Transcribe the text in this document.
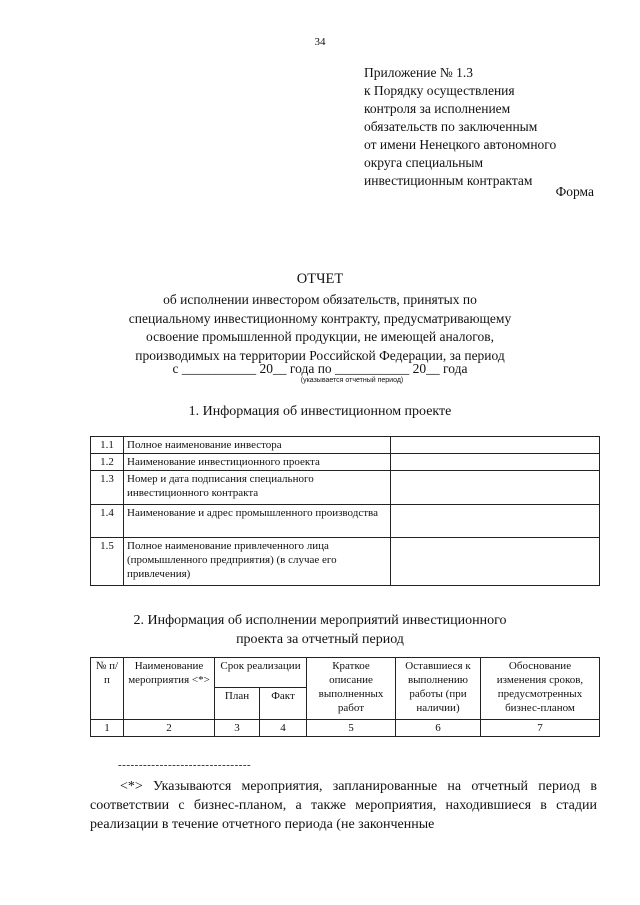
34
Приложение № 1.3
к Порядку осуществления
контроля за исполнением
обязательств по заключенным
от имени Ненецкого автономного
округа специальным
инвестиционным контрактам
Форма
ОТЧЕТ
об исполнении инвестором обязательств, принятых по
специальному инвестиционному контракту, предусматривающему
освоение промышленной продукции, не имеющей аналогов,
производимых на территории Российской Федерации, за период
с ___________ 20__ года по ___________ 20__ года
(указывается отчетный период)
1. Информация об инвестиционном проекте
1.1	Полное наименование инвестора	
1.2	Наименование инвестиционного проекта	
1.3	Номер и дата подписания специального инвестиционного контракта	
1.4	Наименование и адрес промышленного производства	
1.5	Полное наименование привлеченного лица (промышленного предприятия) (в случае его привлечения)	
2. Информация об исполнении мероприятий инвестиционного
проекта за отчетный период
№ п/п	Наименование мероприятия <*>	Срок реализации		Краткое описание выполненных работ	Оставшиеся к выполнению работы (при наличии)	Обоснование изменения сроков, предусмотренных бизнес-планом
		План	Факт			
1	2	3	4	5	6	7
--------------------------------

<*> Указываются мероприятия, запланированные на отчетный период в соответствии с бизнес-планом, а также мероприятия, находившиеся в стадии реализации в течение отчетного периода (не законченные
